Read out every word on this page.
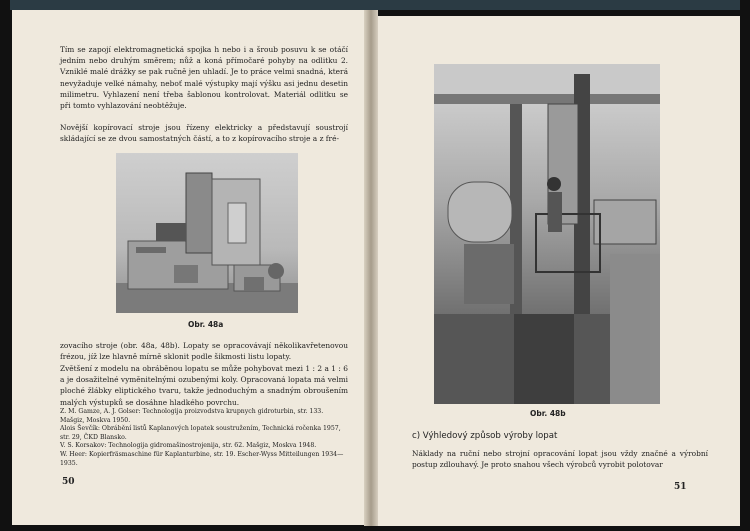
Tím se zapojí elektromagnetická spojka h nebo i a šroub posuvu k se otáčí jedním nebo druhým směrem; nůž a koná přímočaré pohyby na odlitku 2. Vzniklé malé drážky se pak ručně jen uhladí. Je to práce velmi snadná, která nevyžaduje velké námahy, neboť malé výstupky mají výšku asi jednu desetin milimetru. Vyhlazení není třeba šablonou kontrolovat. Materiál odlitku se při tomto vyhlazování neobtěžuje.

Novější kopírovací stroje jsou řízeny elektricky a představují soustrojí skládající se ze dvou samostatných částí, a to z kopírovacího stroje a z fré-

Obr. 48a

zovacího stroje (obr. 48a, 48b). Lopaty se opracovávají několikavřetenovou frézou, jíž lze hlavně mírně sklonit podle šikmosti listu lopaty.

Zvětšení z modelu na obráběnou lopatu se může pohybovat mezi 1 : 2 a 1 : 6 a je dosažitelné vyměnitelnými ozubenými koly. Opracovaná lopata má velmi ploché žlábky eliptického tvaru, takže jednoduchým a snadným obroušením malých výstupků se dosáhne hladkého povrchu.

Z. M. Gamze, A. J. Golser: Technologija proizvodstva krupnych gidroturbin, str. 133. Mašgiz, Moskva 1950.

Alois Ševčík: Obrábění listů Kaplanových lopatek soustružením, Technická ročenka 1957, str. 29, ČKD Blansko.

V. S. Korsakov: Technologija gidromašinostrojenija, str. 62. Mašgiz, Moskva 1948.

W. Heer: Kopierfräsmaschine für Kaplanturbine, str. 19. Escher-Wyss Mitteilungen 1934—1935.

50
Obr. 48b
c) Výhledový způsob výroby lopat

Náklady na ruční nebo strojní opracování lopat jsou vždy značné a výrobní postup zdlouhavý. Je proto snahou všech výrobců vyrobit polotovar

51
